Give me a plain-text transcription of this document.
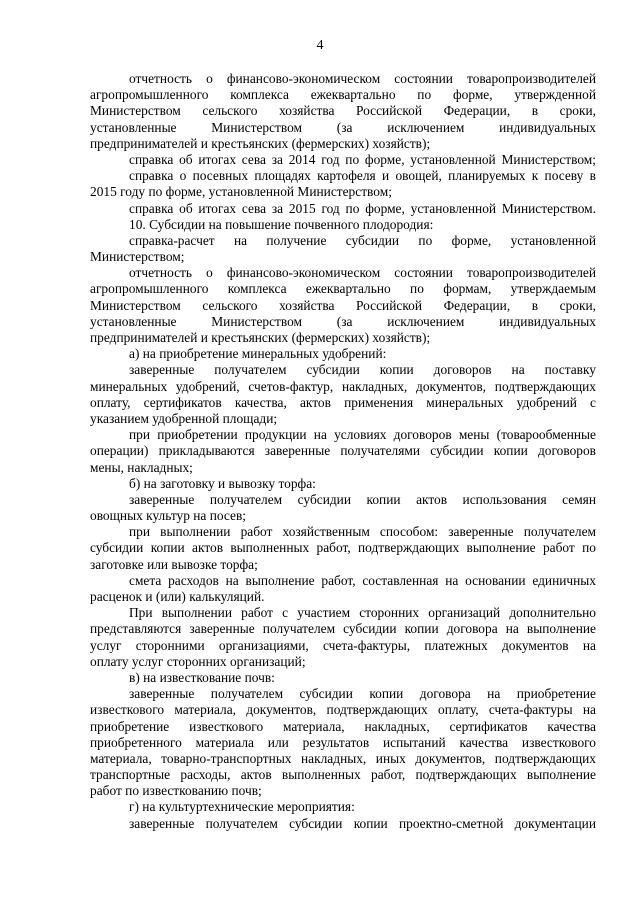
4
отчетность о финансово-экономическом состоянии товаропроизводителей
агропромышленного комплекса ежеквартально по форме, утвержденной
Министерством сельского хозяйства Российской Федерации, в сроки,
установленные Министерством (за исключением индивидуальных
предпринимателей и крестьянских (фермерских) хозяйств);
справка об итогах сева за 2014 год по форме, установленной Министерством;
справка о посевных площадях картофеля и овощей, планируемых к посеву в
2015 году по форме, установленной Министерством;
справка об итогах сева за 2015 год по форме, установленной Министерством.
10. Субсидии на повышение почвенного плодородия:
справка-расчет на получение субсидии по форме, установленной
Министерством;
отчетность о финансово-экономическом состоянии товаропроизводителей
агропромышленного комплекса ежеквартально по формам, утверждаемым
Министерством сельского хозяйства Российской Федерации, в сроки,
установленные Министерством (за исключением индивидуальных
предпринимателей и крестьянских (фермерских) хозяйств);
а) на приобретение минеральных удобрений:
заверенные получателем субсидии копии договоров на поставку
минеральных удобрений, счетов-фактур, накладных, документов, подтверждающих
оплату, сертификатов качества, актов применения минеральных удобрений с
указанием удобренной площади;
при приобретении продукции на условиях договоров мены (товарообменные
операции) прикладываются заверенные получателями субсидии копии договоров
мены, накладных;
б) на заготовку и вывозку торфа:
заверенные получателем субсидии копии актов использования семян
овощных культур на посев;
при выполнении работ хозяйственным способом: заверенные получателем
субсидии копии актов выполненных работ, подтверждающих выполнение работ по
заготовке или вывозке торфа;
смета расходов на выполнение работ, составленная на основании единичных
расценок и (или) калькуляций.
При выполнении работ с участием сторонних организаций дополнительно
представляются заверенные получателем субсидии копии договора на выполнение
услуг сторонними организациями, счета-фактуры, платежных документов на
оплату услуг сторонних организаций;
в) на известкование почв:
заверенные получателем субсидии копии договора на приобретение
известкового материала, документов, подтверждающих оплату, счета-фактуры на
приобретение известкового материала, накладных, сертификатов качества
приобретенного материала или результатов испытаний качества известкового
материала, товарно-транспортных накладных, иных документов, подтверждающих
транспортные расходы, актов выполненных работ, подтверждающих выполнение
работ по известкованию почв;
г) на культуртехнические мероприятия:
заверенные получателем субсидии копии проектно-сметной документации
